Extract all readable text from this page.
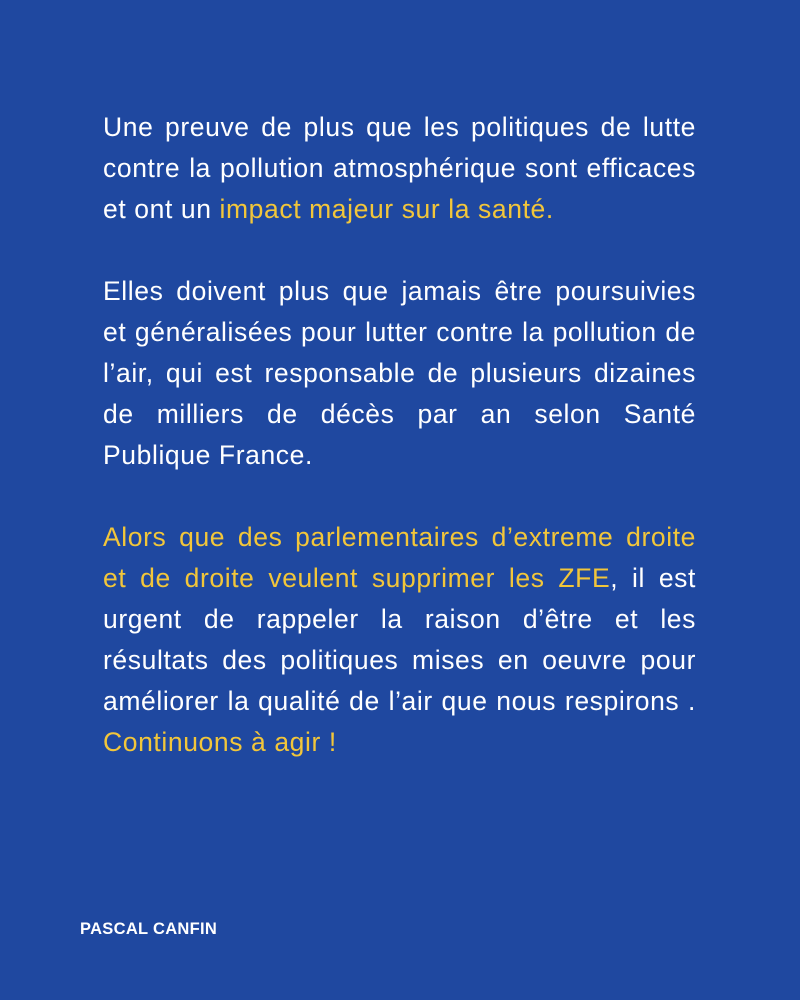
Une preuve de plus que les politiques de lutte contre la pollution atmosphérique sont efficaces et ont un impact majeur sur la santé.

Elles doivent plus que jamais être poursuivies et généralisées pour lutter contre la pollution de l’air, qui est responsable de plusieurs dizaines de milliers de décès par an selon Santé Publique France.

Alors que des parlementaires d’extreme droite et de droite veulent supprimer les ZFE, il est urgent de rappeler la raison d’être et les résultats des politiques mises en oeuvre pour améliorer la qualité de l’air que nous respirons . Continuons à agir !

PASCAL CANFIN
